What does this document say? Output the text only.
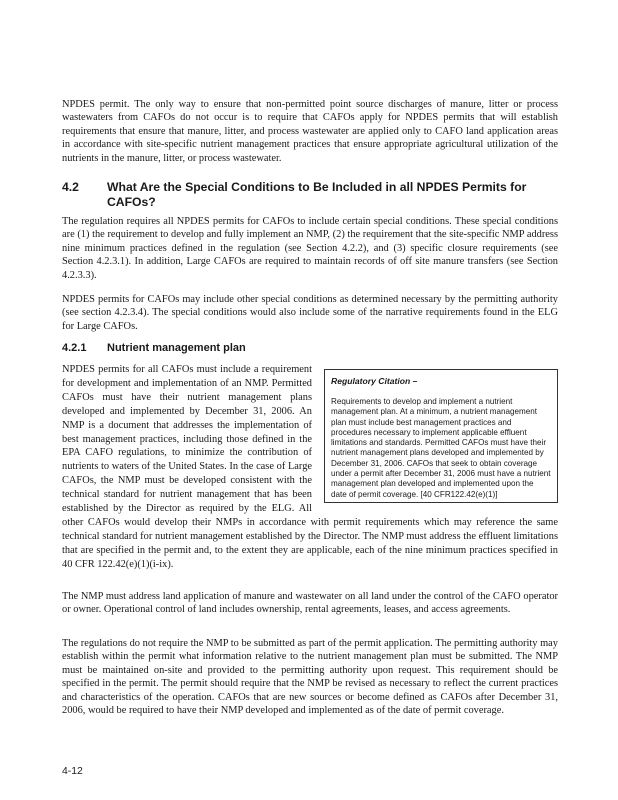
NPDES permit. The only way to ensure that non-permitted point source discharges of manure, litter or process wastewaters from CAFOs do not occur is to require that CAFOs apply for NPDES permits that will establish requirements that ensure that manure, litter, and process wastewater are applied only to CAFO land application areas in accordance with site-specific nutrient management practices that ensure appropriate agricultural utilization of the nutrients in the manure, litter, or process wastewater.

4.2 What Are the Special Conditions to Be Included in all NPDES Permits for CAFOs?

The regulation requires all NPDES permits for CAFOs to include certain special conditions. These special conditions are (1) the requirement to develop and fully implement an NMP, (2) the requirement that the site-specific NMP address nine minimum practices defined in the regulation (see Section 4.2.2), and (3) specific closure requirements (see Section 4.2.3.1). In addition, Large CAFOs are required to maintain records of off site manure transfers (see Section 4.2.3.3).

NPDES permits for CAFOs may include other special conditions as determined necessary by the permitting authority (see section 4.2.3.4). The special conditions would also include some of the narrative requirements found in the ELG for Large CAFOs.

4.2.1 Nutrient management plan

Regulatory Citation –

Requirements to develop and implement a nutrient management plan. At a minimum, a nutrient management plan must include best management practices and procedures necessary to implement applicable effluent limitations and standards. Permitted CAFOs must have their nutrient management plans developed and implemented by December 31, 2006. CAFOs that seek to obtain coverage under a permit after December 31, 2006 must have a nutrient management plan developed and implemented upon the date of permit coverage. [40 CFR122.42(e)(1)]

NPDES permits for all CAFOs must include a requirement for development and implementation of an NMP. Permitted CAFOs must have their nutrient management plans developed and implemented by December 31, 2006. An NMP is a document that addresses the implementation of best management practices, including those defined in the EPA CAFO regulations, to minimize the contribution of nutrients to waters of the United States. In the case of Large CAFOs, the NMP must be developed consistent with the technical standard for nutrient management that has been established by the Director as required by the ELG. All other CAFOs would develop their NMPs in accordance with permit requirements which may reference the same technical standard for nutrient management established by the Director. The NMP must address the effluent limitations that are specified in the permit and, to the extent they are applicable, each of the nine minimum practices specified in 40 CFR 122.42(e)(1)(i-ix).

The NMP must address land application of manure and wastewater on all land under the control of the CAFO operator or owner. Operational control of land includes ownership, rental agreements, leases, and access agreements.

The regulations do not require the NMP to be submitted as part of the permit application. The permitting authority may establish within the permit what information relative to the nutrient management plan must be submitted. The NMP must be maintained on-site and provided to the permitting authority upon request. This requirement should be specified in the permit. The permit should require that the NMP be revised as necessary to reflect the current practices and characteristics of the operation. CAFOs that are new sources or become defined as CAFOs after December 31, 2006, would be required to have their NMP developed and implemented as of the date of permit coverage.

4-12
